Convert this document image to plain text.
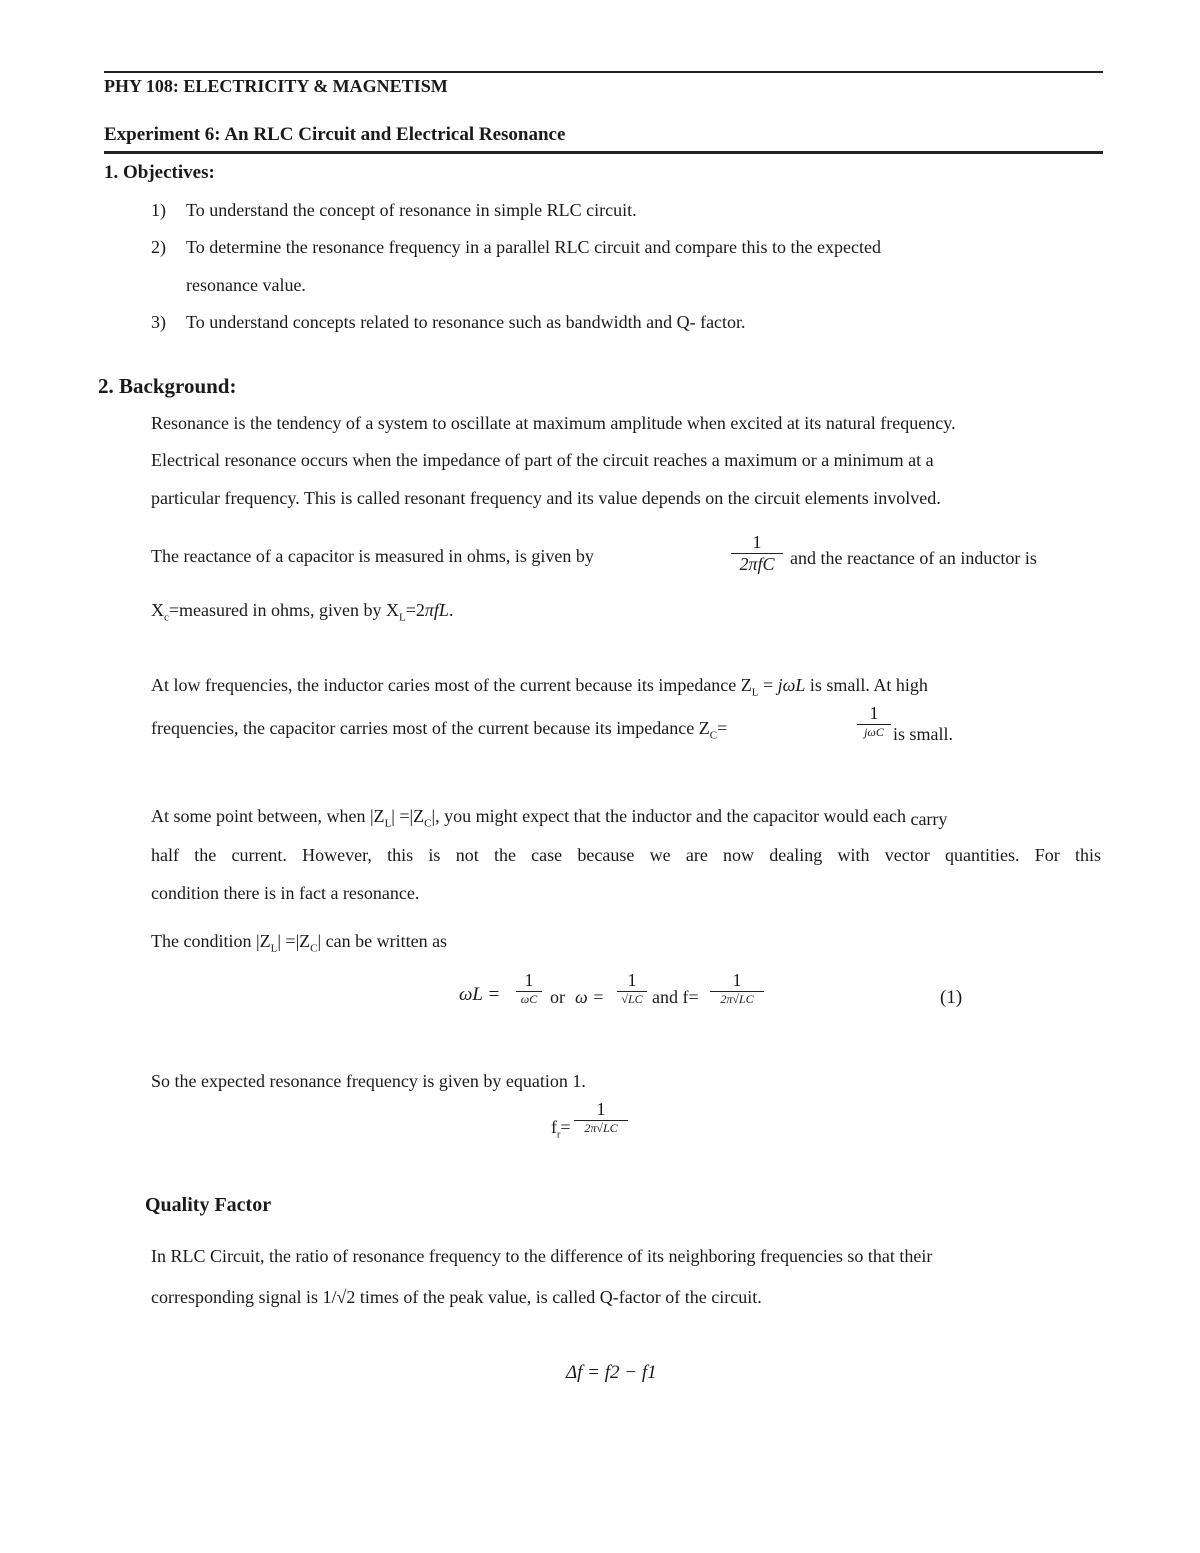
PHY 108: ELECTRICITY & MAGNETISM
Experiment 6: An RLC Circuit and Electrical Resonance
1. Objectives:
1) To understand the concept of resonance in simple RLC circuit.
2) To determine the resonance frequency in a parallel RLC circuit and compare this to the expected
resonance value.
3) To understand concepts related to resonance such as bandwidth and Q- factor.
2. Background:
Resonance is the tendency of a system to oscillate at maximum amplitude when excited at its natural frequency.
Electrical resonance occurs when the impedance of part of the circuit reaches a maximum or a minimum at a
particular frequency. This is called resonant frequency and its value depends on the circuit elements involved.
The reactance of a capacitor is measured in ohms, is given by
1
2πfC and the reactance of an inductor is
$X_c=measured$ in ohms, given by $X_L=2\pi fL$.
At low frequencies, the inductor caries most of the current because its impedance $Z_L = j\omega L$ is small. At high
frequencies, the capacitor carries most of the current because its impedance $Z_C=$
1
jωC is small.
At some point between, when $|Z_L| =|Z_C|$, you might expect that the inductor and the capacitor would each carry
half the current. However, this is not the case because we are now dealing with vector quantities. For this
condition there is in fact a resonance.
The condition $|Z_L| =|Z_C|$ can be written as
ωL =
1
ωC or ω =
1
√LC and f=
1
2π√LC	(1)
So the expected resonance frequency is given by equation 1.
$f_r=$
1
2π√LC
Quality Factor
In RLC Circuit, the ratio of resonance frequency to the difference of its neighboring frequencies so that their
corresponding signal is 1/√2 times of the peak value, is called Q-factor of the circuit.
Δf = f2 − f1
